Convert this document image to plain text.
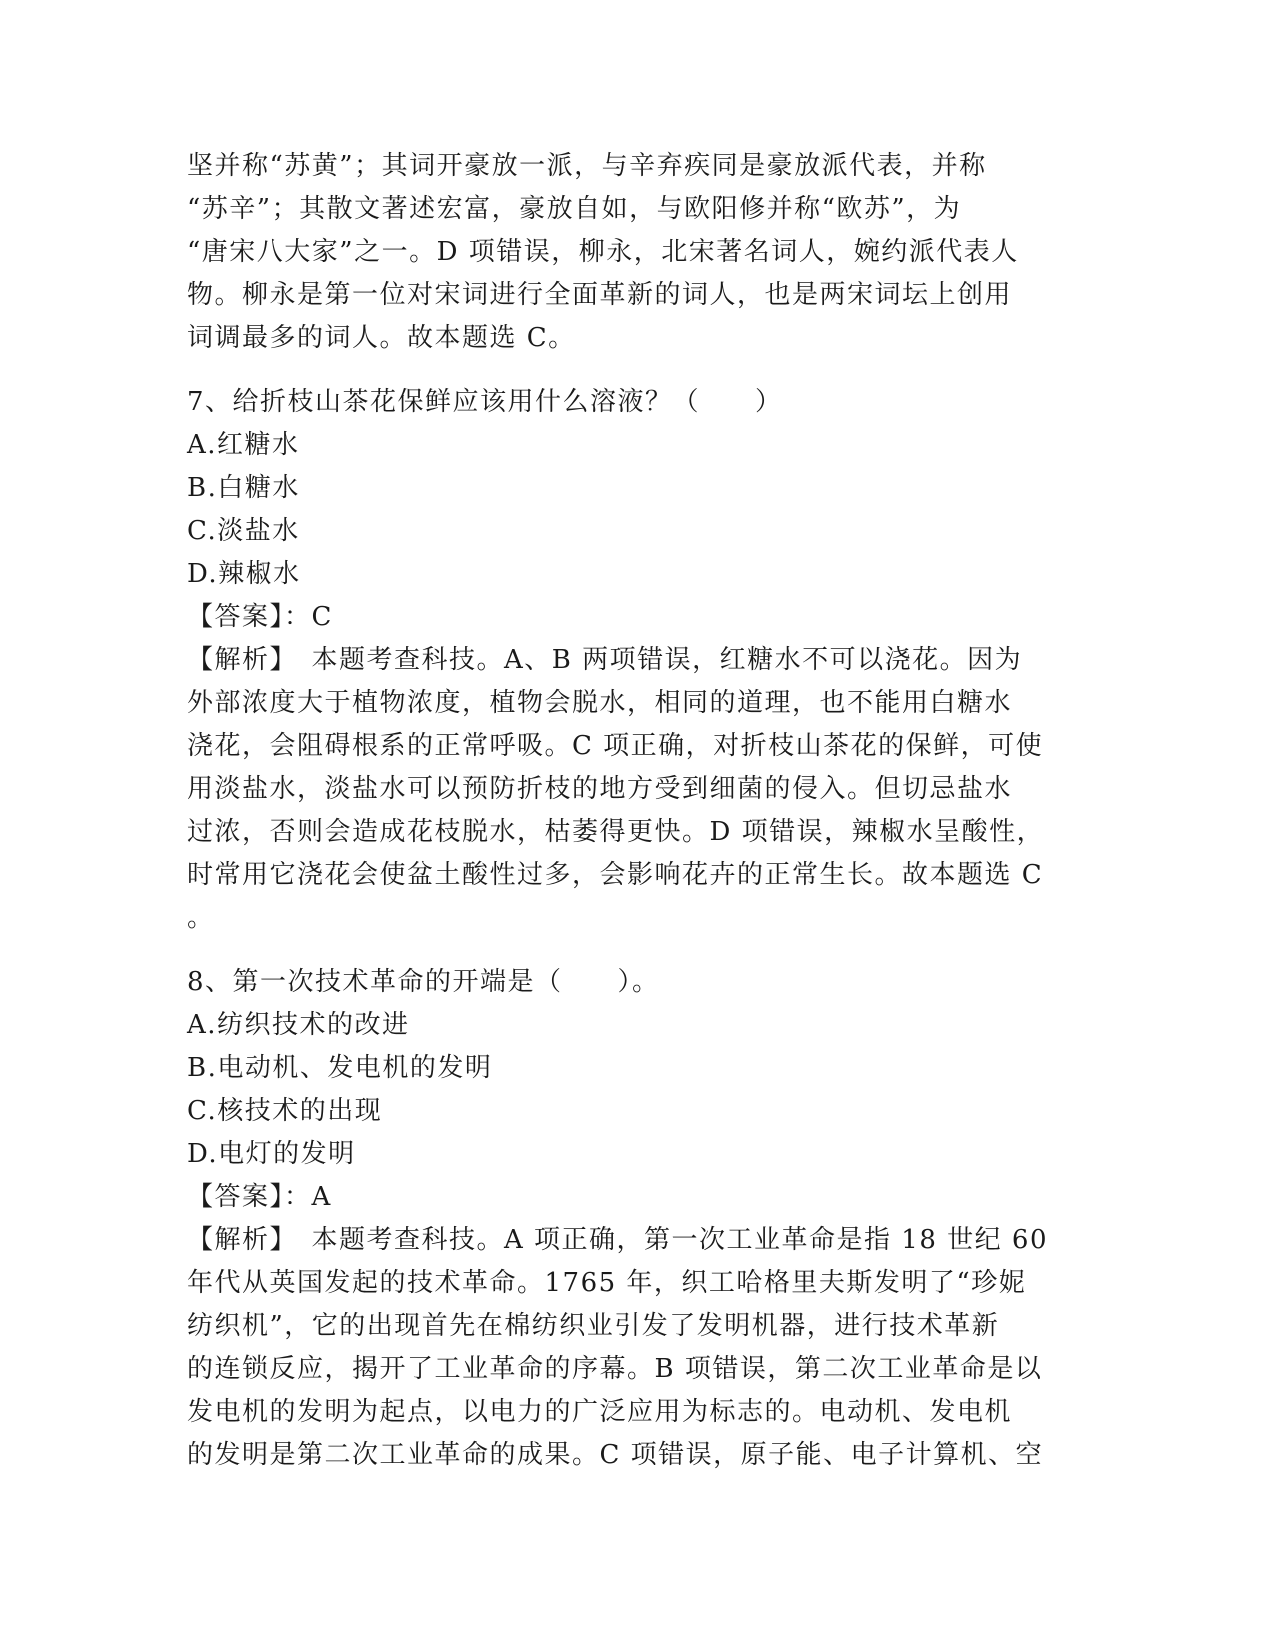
坚并称“苏黄”；其词开豪放一派，与辛弃疾同是豪放派代表，并称
“苏辛”；其散文著述宏富，豪放自如，与欧阳修并称“欧苏”，为
“唐宋八大家”之一。D 项错误，柳永，北宋著名词人，婉约派代表人
物。柳永是第一位对宋词进行全面革新的词人，也是两宋词坛上创用
词调最多的词人。故本题选 C。
7、给折枝山茶花保鲜应该用什么溶液？（　　）
A.红糖水
B.白糖水
C.淡盐水
D.辣椒水
【答案】：C
【解析】　本题考查科技。A、B 两项错误，红糖水不可以浇花。因为
外部浓度大于植物浓度，植物会脱水，相同的道理，也不能用白糖水
浇花，会阻碍根系的正常呼吸。C 项正确，对折枝山茶花的保鲜，可使
用淡盐水，淡盐水可以预防折枝的地方受到细菌的侵入。但切忌盐水
过浓，否则会造成花枝脱水，枯萎得更快。D 项错误，辣椒水呈酸性，
时常用它浇花会使盆土酸性过多，会影响花卉的正常生长。故本题选 C
。
8、第一次技术革命的开端是（　　）。
A.纺织技术的改进
B.电动机、发电机的发明
C.核技术的出现
D.电灯的发明
【答案】：A
【解析】　本题考查科技。A 项正确，第一次工业革命是指 18 世纪 60
年代从英国发起的技术革命。1765 年，织工哈格里夫斯发明了“珍妮
纺织机”，它的出现首先在棉纺织业引发了发明机器，进行技术革新
的连锁反应，揭开了工业革命的序幕。B 项错误，第二次工业革命是以
发电机的发明为起点，以电力的广泛应用为标志的。电动机、发电机
的发明是第二次工业革命的成果。C 项错误，原子能、电子计算机、空
